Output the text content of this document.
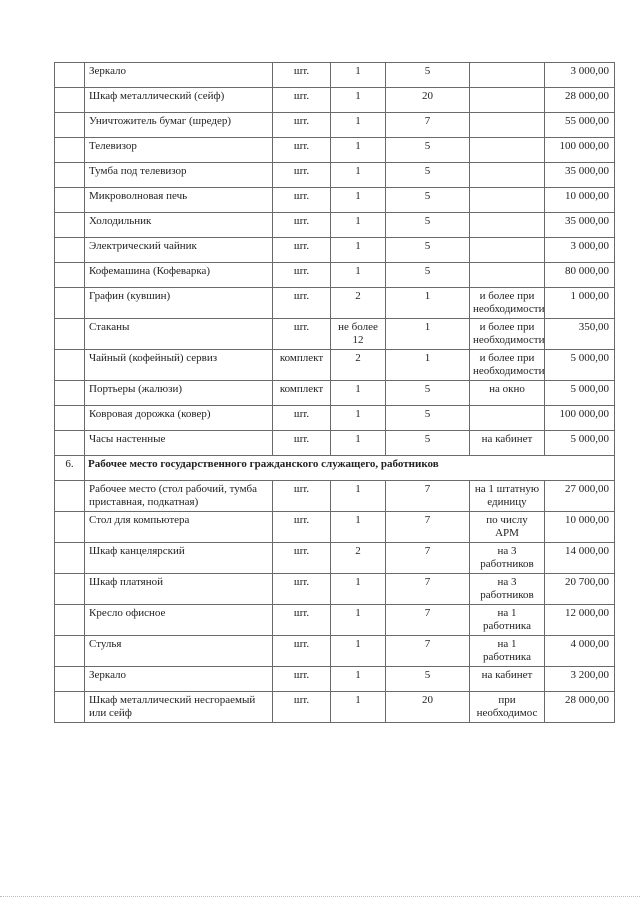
	Зеркало	шт.	1	5		3 000,00
	Шкаф металлический (сейф)	шт.	1	20		28 000,00
	Уничтожитель бумаг (шредер)	шт.	1	7		55 000,00
	Телевизор	шт.	1	5		100 000,00
	Тумба под телевизор	шт.	1	5		35 000,00
	Микроволновая печь	шт.	1	5		10 000,00
	Холодильник	шт.	1	5		35 000,00
	Электрический чайник	шт.	1	5		3 000,00
	Кофемашина (Кофеварка)	шт.	1	5		80 000,00
	Графин (кувшин)	шт.	2	1	и более при необходимости	1 000,00
	Стаканы	шт.	не более 12	1	и более при необходимости	350,00
	Чайный (кофейный) сервиз	комплект	2	1	и более при необходимости	5 000,00
	Портьеры (жалюзи)	комплект	1	5	на окно	5 000,00
	Ковровая дорожка (ковер)	шт.	1	5		100 000,00
	Часы настенные	шт.	1	5	на кабинет	5 000,00
6.	Рабочее место государственного гражданского служащего, работников					
	Рабочее место (стол рабочий, тумба приставная, подкатная)	шт.	1	7	на 1 штатную единицу	27 000,00
	Стол для компьютера	шт.	1	7	по числу АРМ	10 000,00
	Шкаф канцелярский	шт.	2	7	на 3 работников	14 000,00
	Шкаф платяной	шт.	1	7	на 3 работников	20 700,00
	Кресло офисное	шт.	1	7	на 1 работника	12 000,00
	Стулья	шт.	1	7	на 1 работника	4 000,00
	Зеркало	шт.	1	5	на кабинет	3 200,00
	Шкаф металлический несгораемый или сейф	шт.	1	20	при необходимос	28 000,00
